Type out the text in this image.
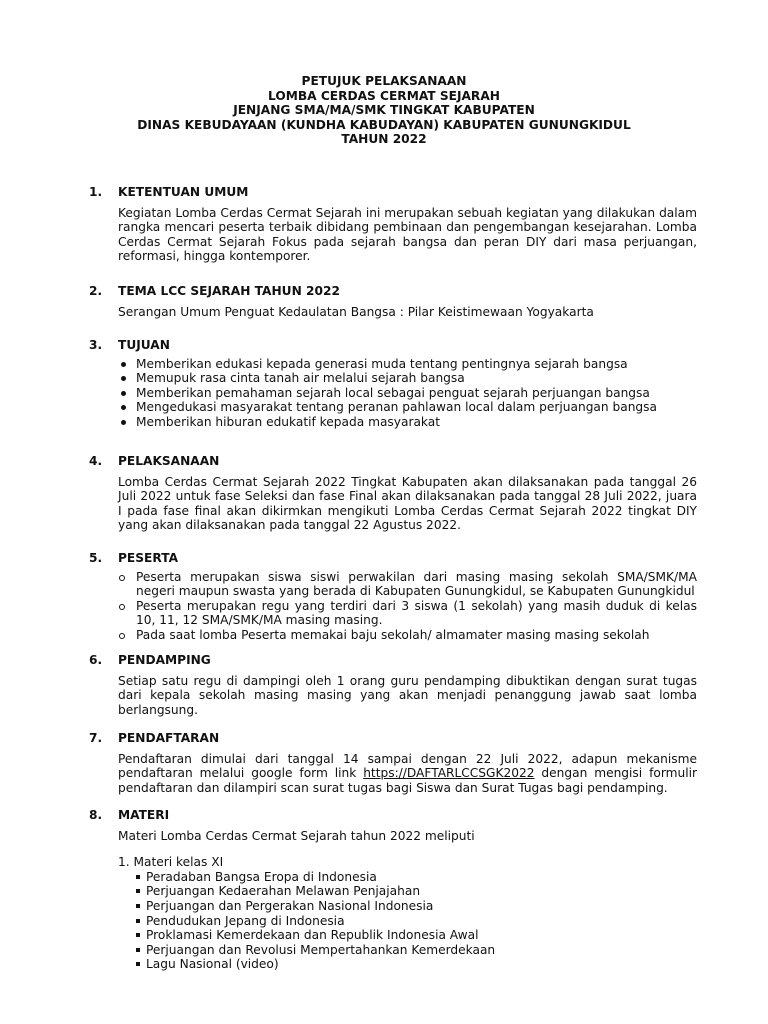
PETUJUK PELAKSANAAN
LOMBA CERDAS CERMAT SEJARAH
JENJANG SMA/MA/SMK TINGKAT KABUPATEN
DINAS KEBUDAYAAN (KUNDHA KABUDAYAN) KABUPATEN GUNUNGKIDUL
TAHUN 2022
1.	KETENTUAN UMUM

Kegiatan Lomba Cerdas Cermat Sejarah ini merupakan sebuah kegiatan yang dilakukan dalam rangka mencari peserta terbaik dibidang pembinaan dan pengembangan kesejarahan. Lomba Cerdas Cermat Sejarah Fokus pada sejarah bangsa dan peran DIY dari masa perjuangan, reformasi, hingga kontemporer.

2.	TEMA LCC SEJARAH TAHUN 2022

Serangan Umum Penguat Kedaulatan Bangsa : Pilar Keistimewaan Yogyakarta

3.	TUJUAN
Memberikan edukasi kepada generasi muda tentang pentingnya sejarah bangsa
Memupuk rasa cinta tanah air melalui sejarah bangsa
Memberikan pemahaman sejarah local sebagai penguat sejarah perjuangan bangsa
Mengedukasi masyarakat tentang peranan pahlawan local dalam perjuangan bangsa
Memberikan hiburan edukatif kepada masyarakat
4.	PELAKSANAAN

Lomba Cerdas Cermat Sejarah 2022 Tingkat Kabupaten akan dilaksanakan pada tanggal 26 Juli 2022 untuk fase Seleksi dan fase Final akan dilaksanakan pada tanggal 28 Juli 2022, juara I pada fase final akan dikirmkan mengikuti Lomba Cerdas Cermat Sejarah 2022 tingkat DIY yang akan dilaksanakan pada tanggal 22 Agustus 2022.

5.	PESERTA
Peserta merupakan siswa siswi perwakilan dari masing masing sekolah SMA/SMK/MA negeri maupun swasta yang berada di Kabupaten Gunungkidul, se Kabupaten Gunungkidul
Peserta merupakan regu yang terdiri dari 3 siswa (1 sekolah) yang masih duduk di kelas 10, 11, 12 SMA/SMK/MA masing masing.
Pada saat lomba Peserta memakai baju sekolah/ almamater masing masing sekolah
6.	PENDAMPING

Setiap satu regu di dampingi oleh 1 orang guru pendamping dibuktikan dengan surat tugas dari kepala sekolah masing masing yang akan menjadi penanggung jawab saat lomba berlangsung.

7.	PENDAFTARAN

Pendaftaran dimulai dari tanggal 14 sampai dengan 22 Juli 2022, adapun mekanisme pendaftaran melalui google form link https://DAFTARLCCSGK2022 dengan mengisi formulir pendaftaran dan dilampiri scan surat tugas bagi Siswa dan Surat Tugas bagi pendamping.

8.	MATERI

Materi Lomba Cerdas Cermat Sejarah tahun 2022 meliputi

1. Materi kelas XI
Peradaban Bangsa Eropa di Indonesia
Perjuangan Kedaerahan Melawan Penjajahan
Perjuangan dan Pergerakan Nasional Indonesia
Pendudukan Jepang di Indonesia
Proklamasi Kemerdekaan dan Republik Indonesia Awal
Perjuangan dan Revolusi Mempertahankan Kemerdekaan
Lagu Nasional (video)
